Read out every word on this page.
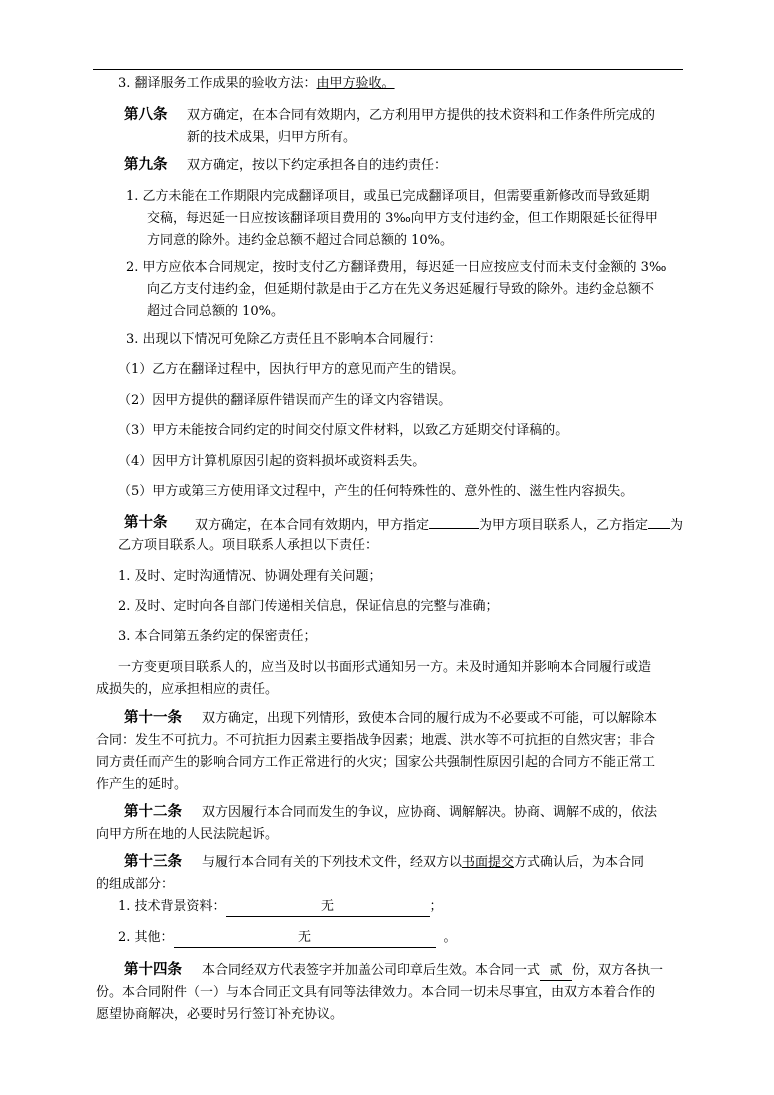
3. 翻译服务工作成果的验收方法：由甲方验收。
第八条 双方确定，在本合同有效期内，乙方利用甲方提供的技术资料和工作条件所完成的
新的技术成果，归甲方所有。
第九条 双方确定，按以下约定承担各自的违约责任：
1. 乙方未能在工作期限内完成翻译项目，或虽已完成翻译项目，但需要重新修改而导致延期
交稿，每迟延一日应按该翻译项目费用的 3‰向甲方支付违约金，但工作期限延长征得甲
方同意的除外。违约金总额不超过合同总额的 10%。
2. 甲方应依本合同规定，按时支付乙方翻译费用，每迟延一日应按应支付而未支付金额的 3‰
向乙方支付违约金，但延期付款是由于乙方在先义务迟延履行导致的除外。违约金总额不
超过合同总额的 10%。
3. 出现以下情况可免除乙方责任且不影响本合同履行：
（1）乙方在翻译过程中，因执行甲方的意见而产生的错误。
（2）因甲方提供的翻译原件错误而产生的译文内容错误。
（3）甲方未能按合同约定的时间交付原文件材料，以致乙方延期交付译稿的。
（4）因甲方计算机原因引起的资料损坏或资料丢失。
（5）甲方或第三方使用译文过程中，产生的任何特殊性的、意外性的、滋生性内容损失。
第十条 双方确定，在本合同有效期内，甲方指定	为甲方项目联系人，乙方指定 为
乙方项目联系人。项目联系人承担以下责任：
1. 及时、定时沟通情况、协调处理有关问题；
2. 及时、定时向各自部门传递相关信息，保证信息的完整与准确；
3. 本合同第五条约定的保密责任；
一方变更项目联系人的，应当及时以书面形式通知另一方。未及时通知并影响本合同履行或造
成损失的，应承担相应的责任。
第十一条 双方确定，出现下列情形，致使本合同的履行成为不必要或不可能，可以解除本
合同：发生不可抗力。不可抗拒力因素主要指战争因素；地震、洪水等不可抗拒的自然灾害；非合
同方责任而产生的影响合同方工作正常进行的火灾；国家公共强制性原因引起的合同方不能正常工
作产生的延时。
第十二条 双方因履行本合同而发生的争议，应协商、调解解决。协商、调解不成的，依法
向甲方所在地的人民法院起诉。
第十三条 与履行本合同有关的下列技术文件，经双方以书面提交方式确认后，为本合同
的组成部分：
1. 技术背景资料：	无	；
2. 其他：	无	。
第十四条 本合同经双方代表签字并加盖公司印章后生效。本合同一式 贰 份，双方各执一
份。本合同附件（一）与本合同正文具有同等法律效力。本合同一切未尽事宜，由双方本着合作的
愿望协商解决，必要时另行签订补充协议。
